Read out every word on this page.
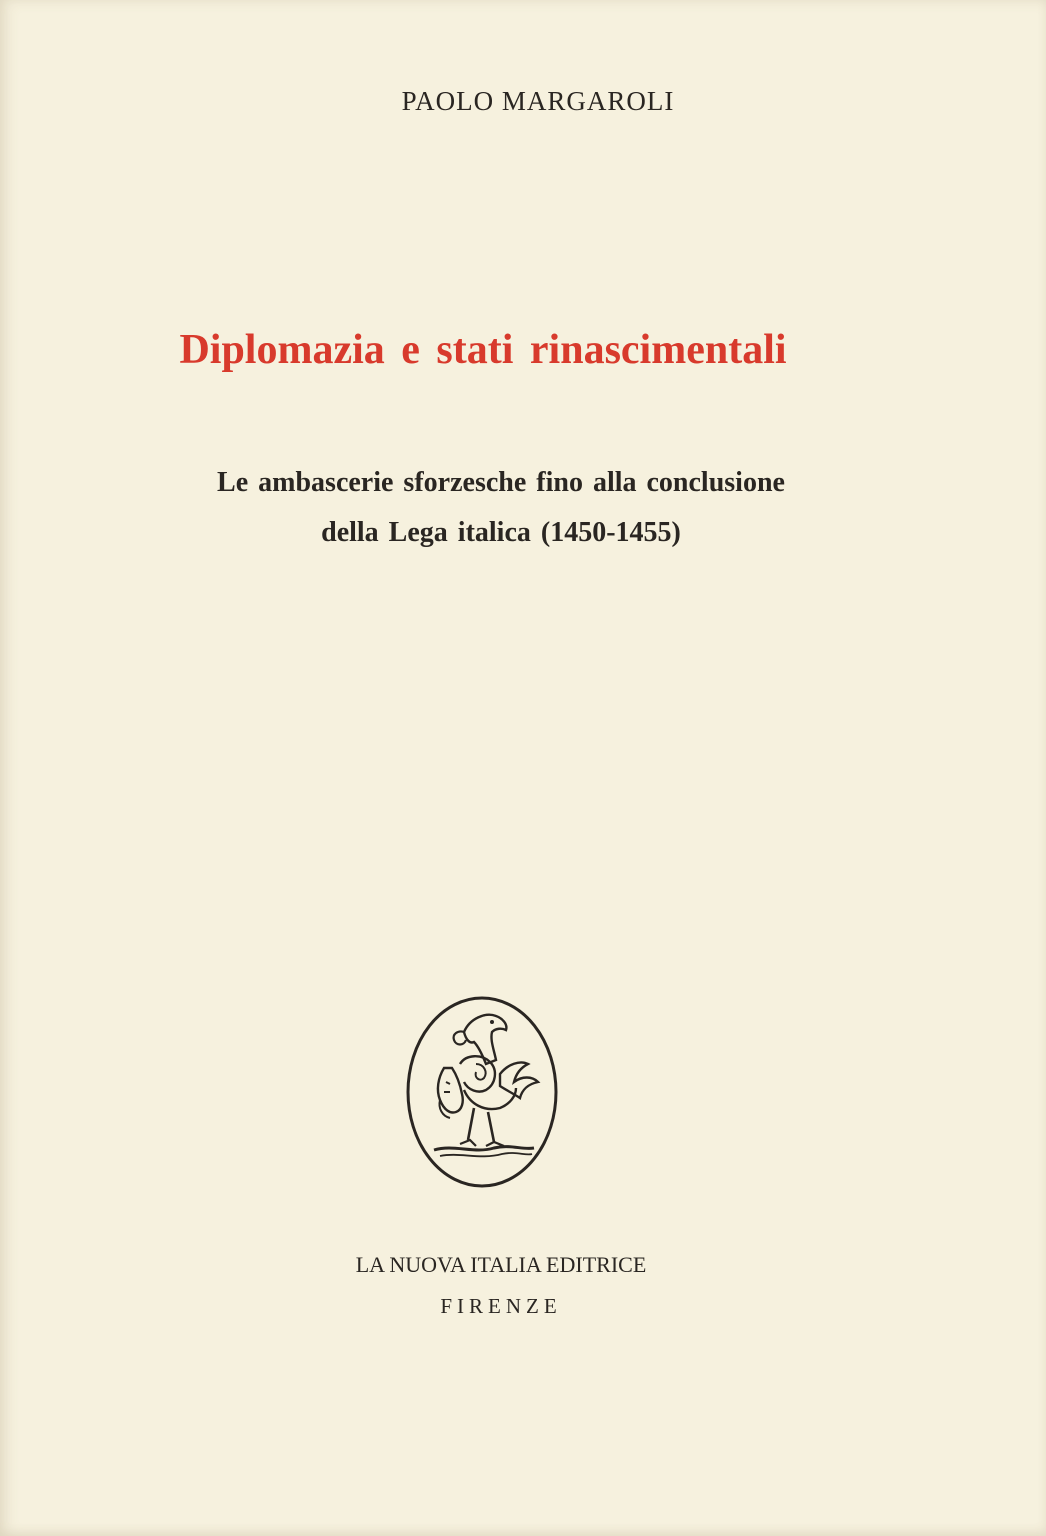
PAOLO MARGAROLI
Diplomazia e stati rinascimentali
Le ambascerie sforzesche fino alla conclusione
della Lega italica (1450-1455)
LA NUOVA ITALIA EDITRICE
FIRENZE
